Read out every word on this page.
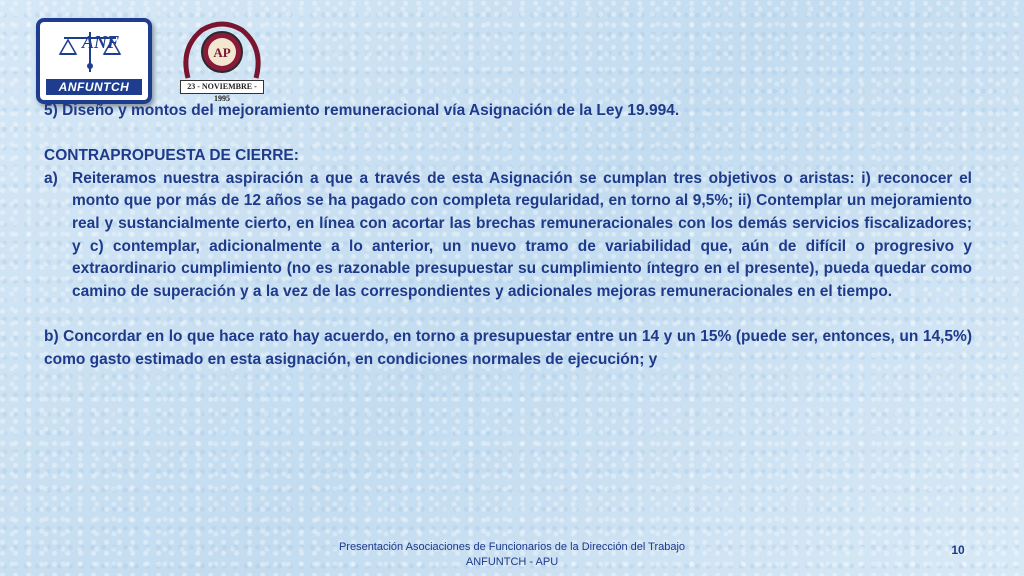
ANF
ANFUNTCH
AP
23 - NOVIEMBRE - 1995

5) Diseño y montos del mejoramiento remuneracional vía Asignación de la Ley 19.994.

CONTRAPROPUESTA DE CIERRE:

a) Reiteramos nuestra aspiración a que a través de esta Asignación se cumplan tres objetivos o aristas: i) reconocer el monto que por más de 12 años se ha pagado con completa regularidad, en torno al 9,5%; ii) Contemplar un mejoramiento real y sustancialmente cierto, en línea con acortar las brechas remuneracionales con los demás servicios fiscalizadores; y c) contemplar, adicionalmente a lo anterior, un nuevo tramo de variabilidad que, aún de difícil o progresivo y extraordinario cumplimiento (no es razonable presupuestar su cumplimiento íntegro en el presente), pueda quedar como camino de superación y a la vez de las correspondientes y adicionales mejoras remuneracionales en el tiempo.

b) Concordar en lo que hace rato hay acuerdo, en torno a presupuestar entre un 14 y un 15% (puede ser, entonces, un 14,5%) como gasto estimado en esta asignación, en condiciones normales de ejecución; y

Presentación Asociaciones de Funcionarios de la Dirección del Trabajo
ANFUNTCH - APU
10
